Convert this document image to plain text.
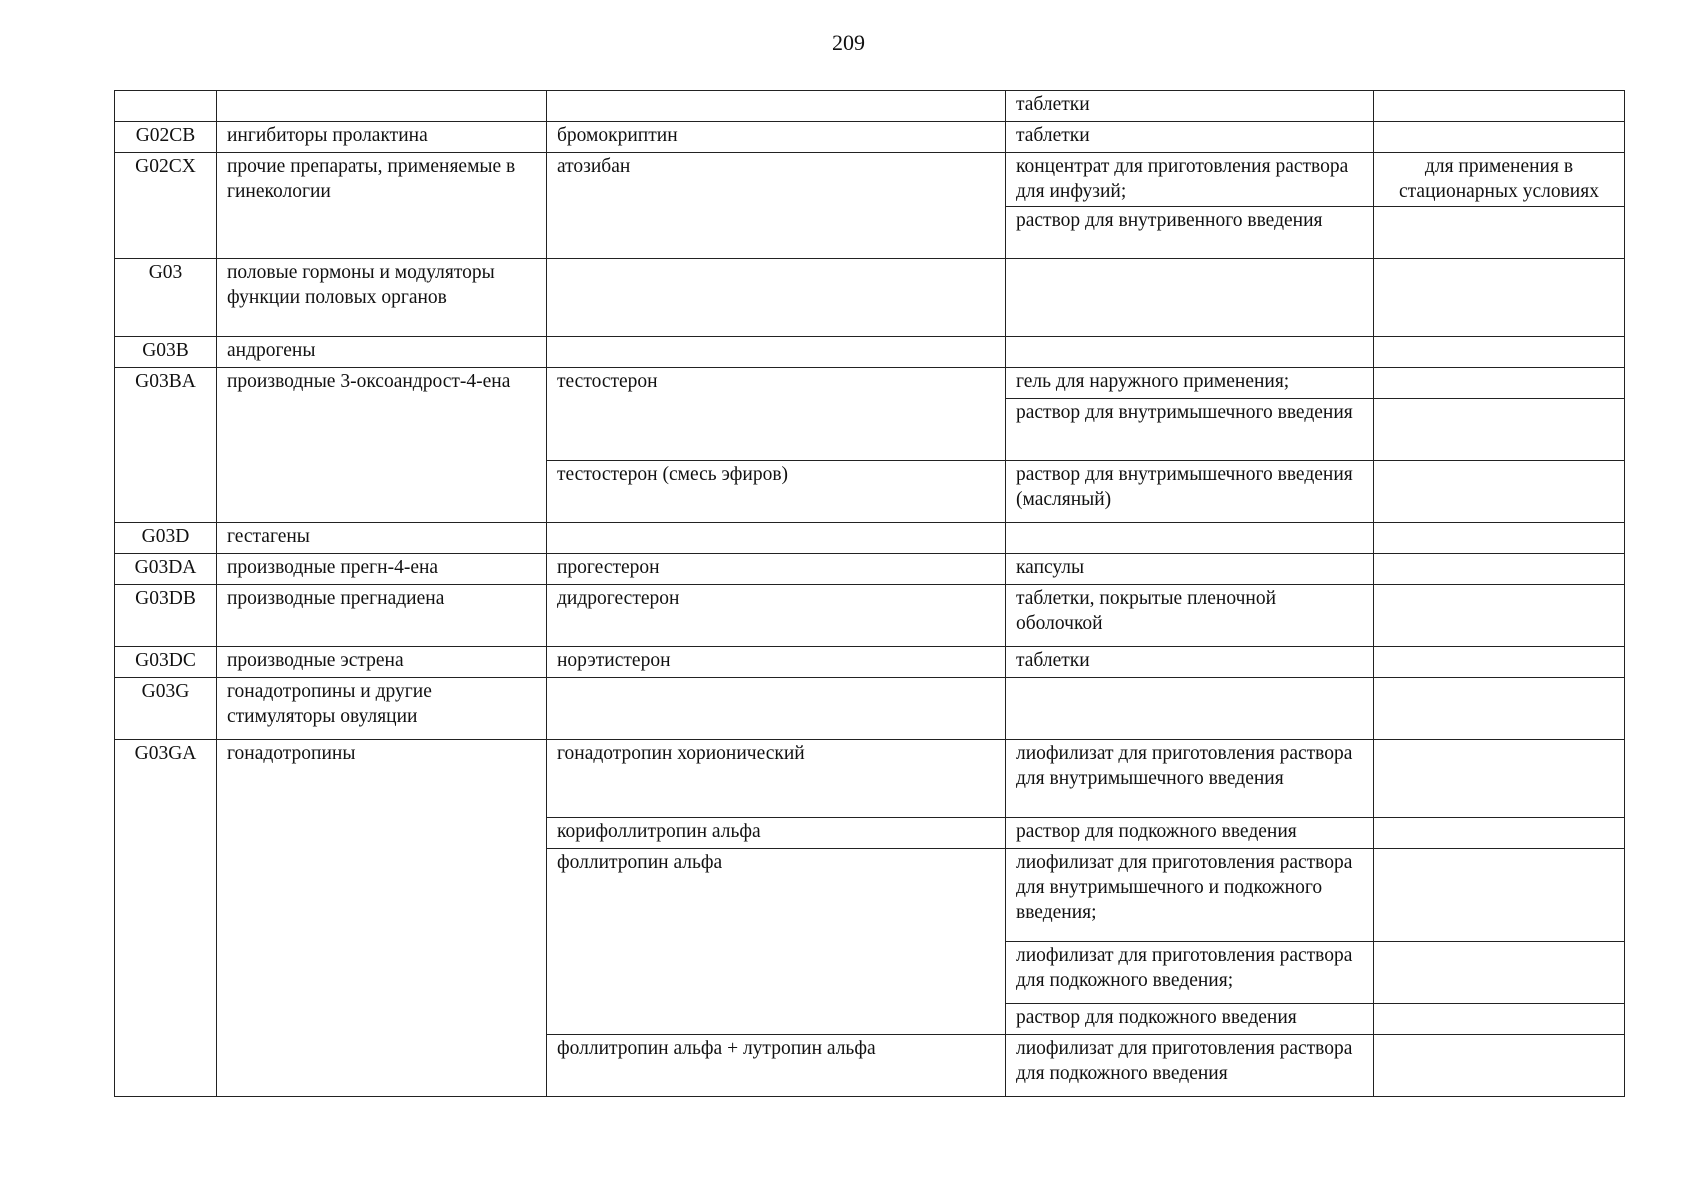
209
			таблетки	
G02CB	ингибиторы пролактина	бромокриптин	таблетки	
G02CX	прочие препараты, применяемые в гинекологии	атозибан	концентрат для приготовления раствора для инфузий;	для применения в стационарных условиях
			раствор для внутривенного введения	
G03	половые гормоны и модуляторы функции половых органов			
G03B	андрогены			
G03BA	производные 3-оксоандрост-4-ена	тестостерон	гель для наружного применения;	
			раствор для внутримышечного введения	
		тестостерон (смесь эфиров)	раствор для внутримышечного введения (масляный)	
G03D	гестагены			
G03DA	производные прегн-4-ена	прогестерон	капсулы	
G03DB	производные прегнадиена	дидрогестерон	таблетки, покрытые пленочной оболочкой	
G03DC	производные эстрена	норэтистерон	таблетки	
G03G	гонадотропины и другие стимуляторы овуляции			
G03GA	гонадотропины	гонадотропин хорионический	лиофилизат для приготовления раствора для внутримышечного введения	
		корифоллитропин альфа	раствор для подкожного введения	
		фоллитропин альфа	лиофилизат для приготовления раствора для внутримышечного и подкожного введения;	
			лиофилизат для приготовления раствора для подкожного введения;	
			раствор для подкожного введения	
		фоллитропин альфа + лутропин альфа	лиофилизат для приготовления раствора для подкожного введения	
